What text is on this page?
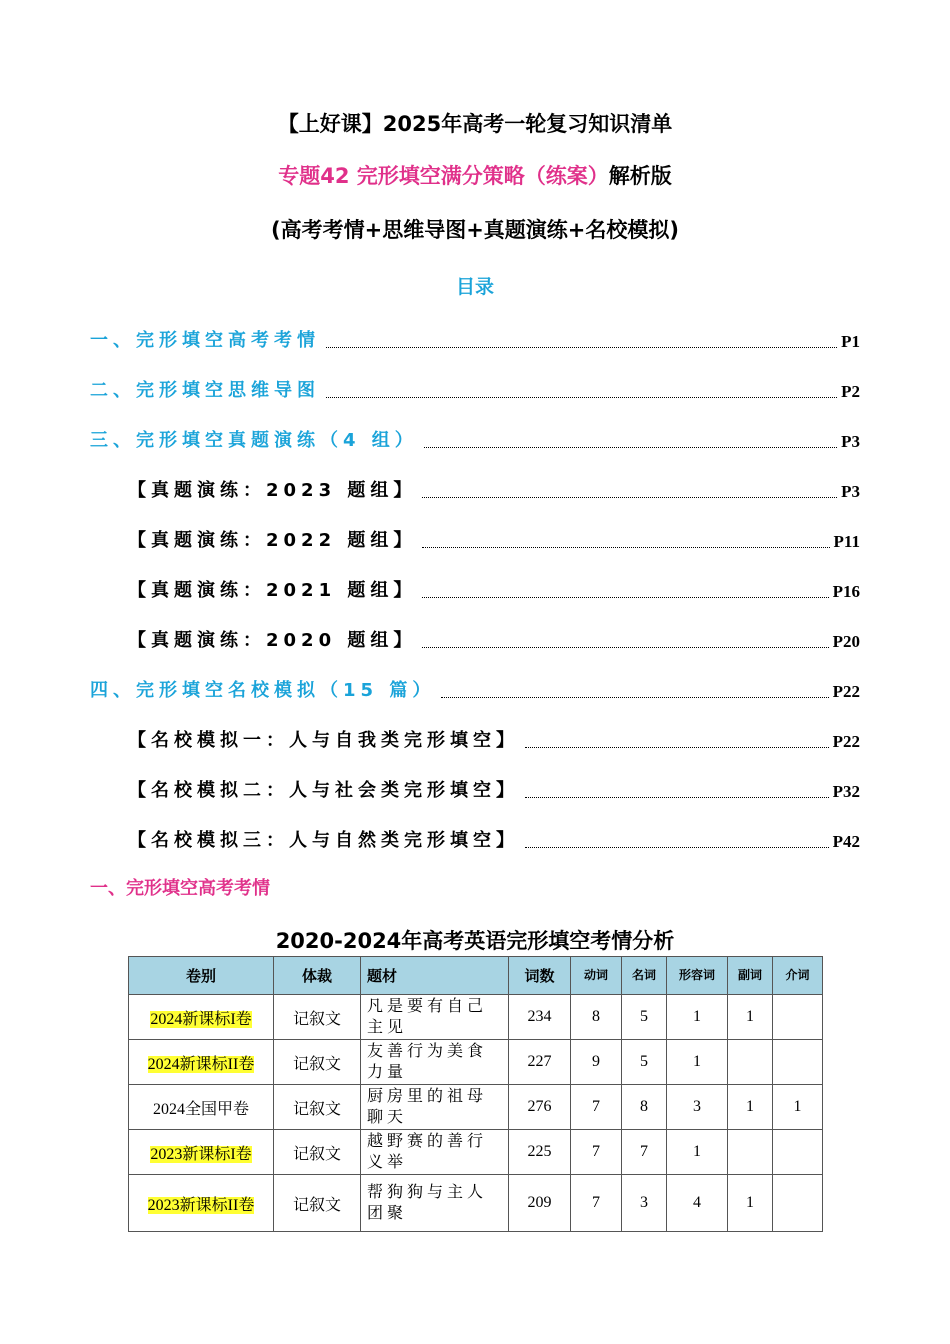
【上好课】2025年高考一轮复习知识清单
专题42 完形填空满分策略（练案）解析版
(高考考情+思维导图+真题演练+名校模拟)
目录
一、完形填空高考考情	P1
二、完形填空思维导图	P2
三、完形填空真题演练（4 组）	P3
【真题演练：2023 题组】	P3
【真题演练：2022 题组】	P11
【真题演练：2021 题组】	P16
【真题演练：2020 题组】	P20
四、完形填空名校模拟（15 篇）	P22
【名校模拟一：人与自我类完形填空】	P22
【名校模拟二：人与社会类完形填空】	P32
【名校模拟三：人与自然类完形填空】	P42
一、完形填空高考考情
2020-2024年高考英语完形填空考情分析
卷别	体裁	题材	词数	动词	名词	形容词	副词	介词
2024新课标I卷	记叙文	凡是要有自己主见	234	8	5	1	1	
2024新课标II卷	记叙文	友善行为美食力量	227	9	5	1		
2024全国甲卷	记叙文	厨房里的祖母聊天	276	7	8	3	1	1
2023新课标I卷	记叙文	越野赛的善行义举	225	7	7	1		
2023新课标II卷	记叙文	帮狗狗与主人团聚	209	7	3	4	1	
